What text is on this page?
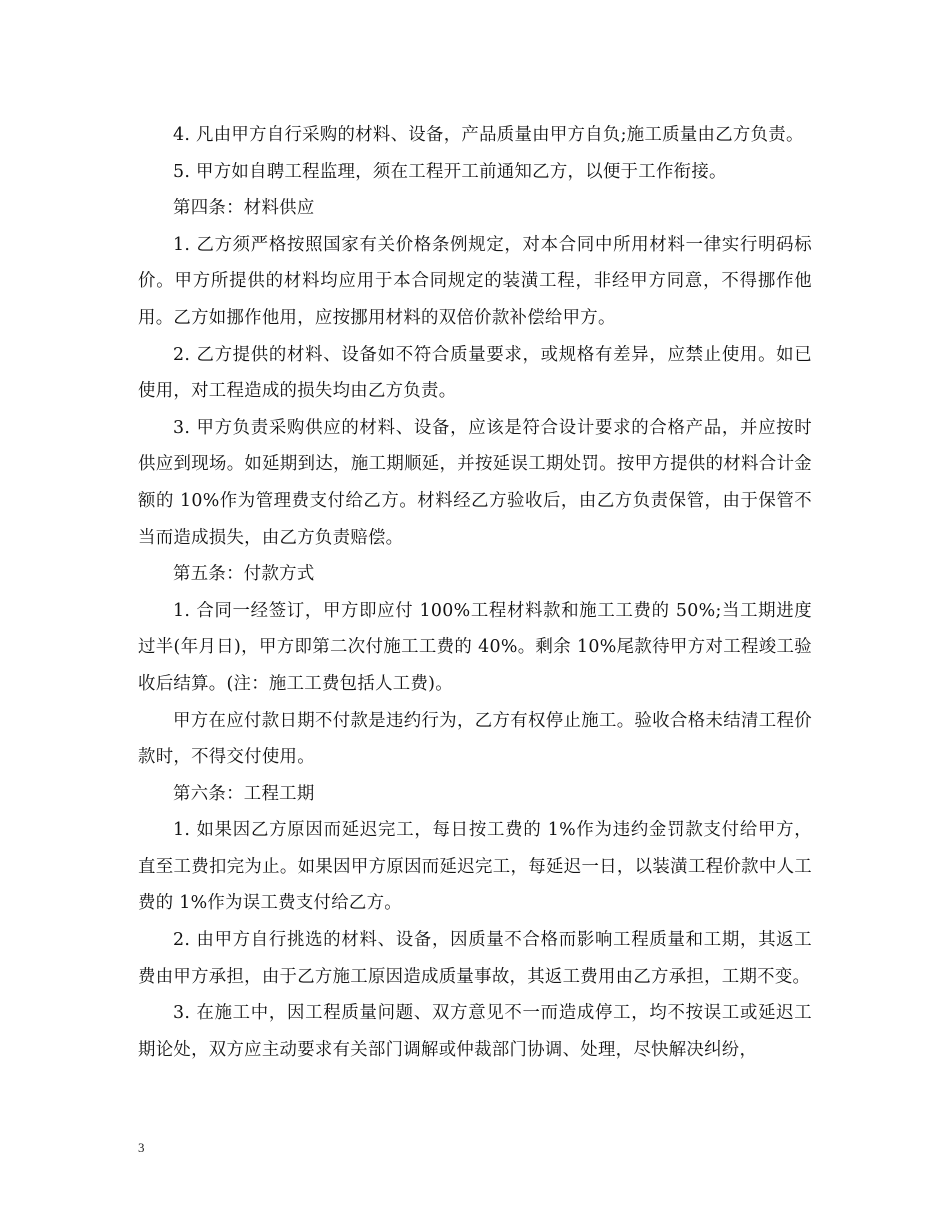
4. 凡由甲方自行采购的材料、设备，产品质量由甲方自负;施工质量由乙方负责。

5. 甲方如自聘工程监理，须在工程开工前通知乙方，以便于工作衔接。

第四条：材料供应

1. 乙方须严格按照国家有关价格条例规定，对本合同中所用材料一律实行明码标价。甲方所提供的材料均应用于本合同规定的装潢工程，非经甲方同意，不得挪作他用。乙方如挪作他用，应按挪用材料的双倍价款补偿给甲方。

2. 乙方提供的材料、设备如不符合质量要求，或规格有差异，应禁止使用。如已使用，对工程造成的损失均由乙方负责。

3. 甲方负责采购供应的材料、设备，应该是符合设计要求的合格产品，并应按时供应到现场。如延期到达，施工期顺延，并按延误工期处罚。按甲方提供的材料合计金额的 10%作为管理费支付给乙方。材料经乙方验收后，由乙方负责保管，由于保管不当而造成损失，由乙方负责赔偿。

第五条：付款方式

1. 合同一经签订，甲方即应付 100%工程材料款和施工工费的 50%;当工期进度过半(年月日)，甲方即第二次付施工工费的 40%。剩余 10%尾款待甲方对工程竣工验收后结算。(注：施工工费包括人工费)。

甲方在应付款日期不付款是违约行为，乙方有权停止施工。验收合格未结清工程价款时，不得交付使用。

第六条：工程工期

1. 如果因乙方原因而延迟完工，每日按工费的 1%作为违约金罚款支付给甲方，直至工费扣完为止。如果因甲方原因而延迟完工，每延迟一日，以装潢工程价款中人工费的 1%作为误工费支付给乙方。

2. 由甲方自行挑选的材料、设备，因质量不合格而影响工程质量和工期，其返工费由甲方承担，由于乙方施工原因造成质量事故，其返工费用由乙方承担，工期不变。

3. 在施工中，因工程质量问题、双方意见不一而造成停工，均不按误工或延迟工期论处，双方应主动要求有关部门调解或仲裁部门协调、处理，尽快解决纠纷，

3
